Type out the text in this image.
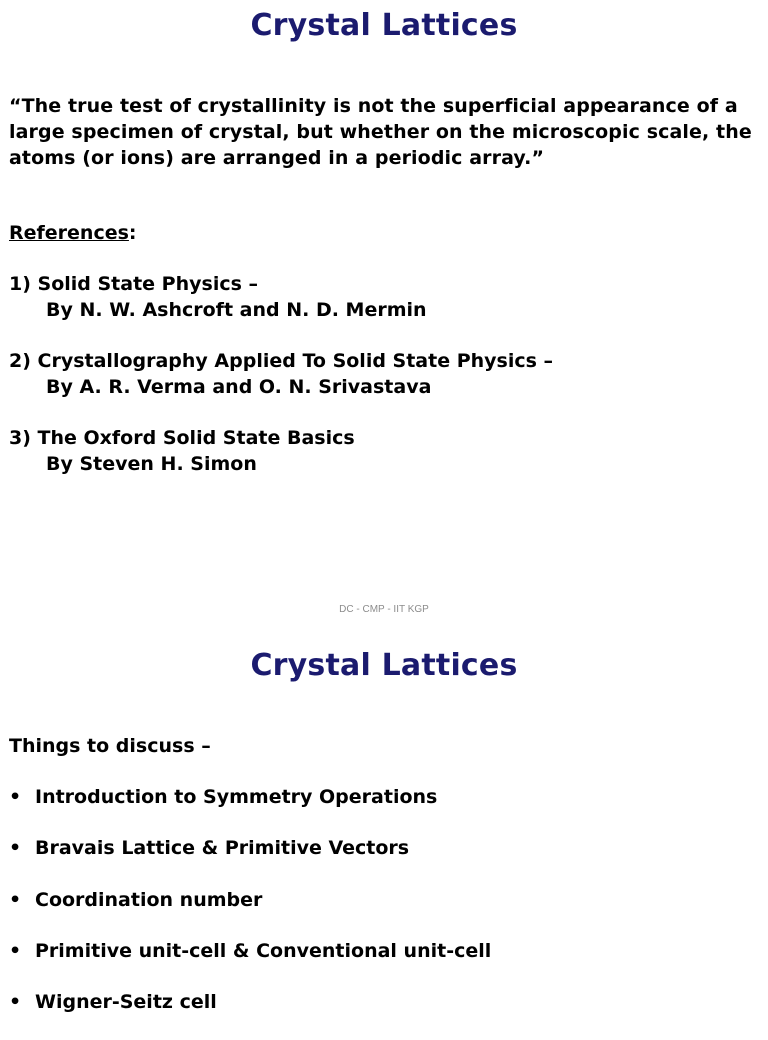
Crystal Lattices
“The true test of crystallinity is not the superficial appearance of a large specimen of crystal, but whether on the microscopic scale, the atoms (or ions) are arranged in a periodic array.”
References:
1) Solid State Physics –
By N. W. Ashcroft and N. D. Mermin
2) Crystallography Applied To Solid State Physics –
By A. R. Verma and O. N. Srivastava
3) The Oxford Solid State Basics
By Steven H. Simon
DC - CMP - IIT KGP
Crystal Lattices
Things to discuss –
• Introduction to Symmetry Operations
• Bravais Lattice & Primitive Vectors
• Coordination number
• Primitive unit-cell & Conventional unit-cell
• Wigner-Seitz cell
